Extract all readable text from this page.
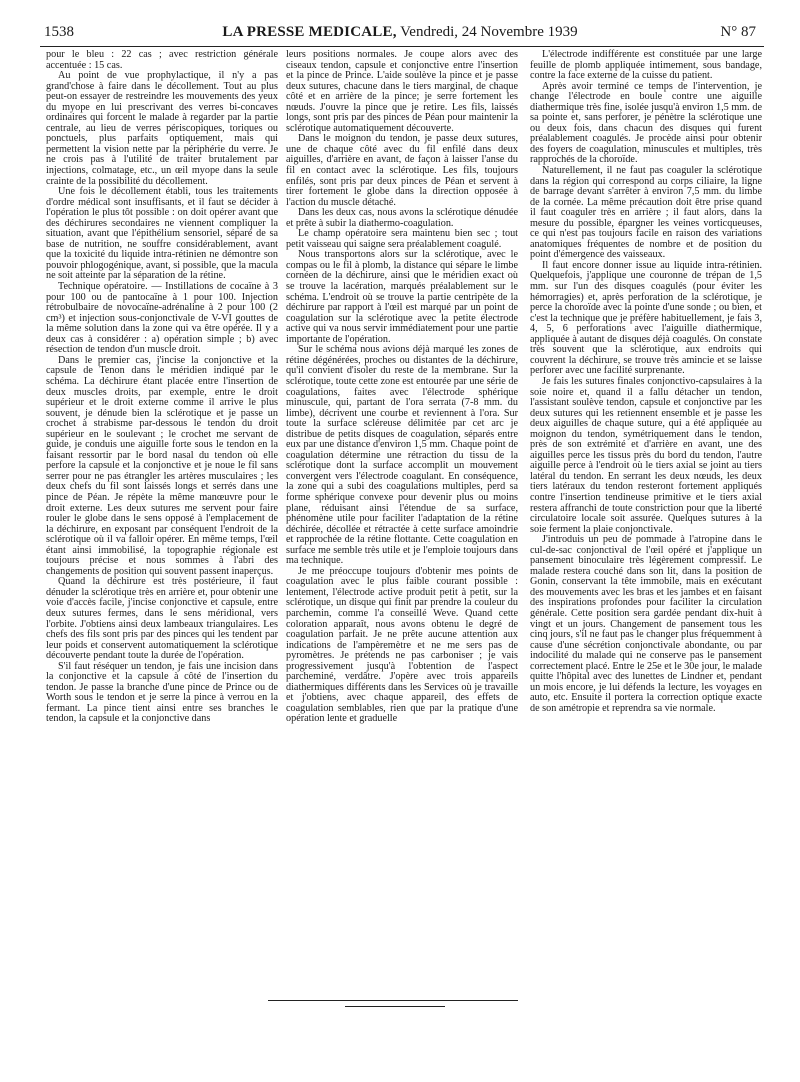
1538	LA PRESSE MEDICALE, Vendredi, 24 Novembre 1939	N° 87

pour le bleu : 22 cas ; avec restriction générale accentuée : 15 cas.

Au point de vue prophylactique, il n'y a pas grand'chose à faire dans le décollement. Tout au plus peut-on essayer de restreindre les mouvements des yeux du myope en lui prescrivant des verres bi-concaves ordinaires qui forcent le malade à regarder par la partie centrale, au lieu de verres périscopiques, toriques ou ponctuels, plus parfaits optiquement, mais qui permettent la vision nette par la périphérie du verre. Je ne crois pas à l'utilité de traiter brutalement par injections, colmatage, etc., un œil myope dans la seule crainte de la possibilité du décollement.

Une fois le décollement établi, tous les traitements d'ordre médical sont insuffisants, et il faut se décider à l'opération le plus tôt possible : on doit opérer avant que des déchirures secondaires ne viennent compliquer la situation, avant que l'épithélium sensoriel, séparé de sa base de nutrition, ne souffre considérablement, avant que la toxicité du liquide intra-rétinien ne démontre son pouvoir phlogogénique, avant, si possible, que la macula ne soit atteinte par la séparation de la rétine.

Technique opératoire. — Instillations de cocaïne à 3 pour 100 ou de pantocaïne à 1 pour 100. Injection rétrobulbaire de novocaïne-adrénaline à 2 pour 100 (2 cm³) et injection sous-conjonctivale de V-VI gouttes de la même solution dans la zone qui va être opérée. Il y a deux cas à considérer : a) opération simple ; b) avec résection de tendon d'un muscle droit.

Dans le premier cas, j'incise la conjonctive et la capsule de Tenon dans le méridien indiqué par le schéma. La déchirure étant placée entre l'insertion de deux muscles droits, par exemple, entre le droit supérieur et le droit externe comme il arrive le plus souvent, je dénude bien la sclérotique et je passe un crochet à strabisme par-dessous le tendon du droit supérieur en le soulevant ; le crochet me servant de guide, je conduis une aiguille forte sous le tendon en la faisant ressortir par le bord nasal du tendon où elle perfore la capsule et la conjonctive et je noue le fil sans serrer pour ne pas étrangler les artères musculaires ; les deux chefs du fil sont laissés longs et serrés dans une pince de Péan. Je répète la même manœuvre pour le droit externe. Les deux sutures me servent pour faire rouler le globe dans le sens opposé à l'emplacement de la déchirure, en exposant par conséquent l'endroit de la sclérotique où il va falloir opérer. En même temps, l'œil étant ainsi immobilisé, la topographie régionale est toujours précise et nous sommes à l'abri des changements de position qui souvent passent inaperçus.

Quand la déchirure est très postérieure, il faut dénuder la sclérotique très en arrière et, pour obtenir une voie d'accès facile, j'incise conjonctive et capsule, entre deux sutures fermes, dans le sens méridional, vers l'orbite. J'obtiens ainsi deux lambeaux triangulaires. Les chefs des fils sont pris par des pinces qui les tendent par leur poids et conservent automatiquement la sclérotique découverte pendant toute la durée de l'opération.

S'il faut réséquer un tendon, je fais une incision dans la conjonctive et la capsule à côté de l'insertion du tendon. Je passe la branche d'une pince de Prince ou de Worth sous le tendon et je serre la pince à verrou en la fermant. La pince tient ainsi entre ses branches le tendon, la capsule et la conjonctive dans

leurs positions normales. Je coupe alors avec des ciseaux tendon, capsule et conjonctive entre l'insertion et la pince de Prince. L'aide soulève la pince et je passe deux sutures, chacune dans le tiers marginal, de chaque côté et en arrière de la pince; je serre fortement les nœuds. J'ouvre la pince que je retire. Les fils, laissés longs, sont pris par des pinces de Péan pour maintenir la sclérotique automatiquement découverte.

Dans le moignon du tendon, je passe deux sutures, une de chaque côté avec du fil enfilé dans deux aiguilles, d'arrière en avant, de façon à laisser l'anse du fil en contact avec la sclérotique. Les fils, toujours enfilés, sont pris par deux pinces de Péan et servent à tirer fortement le globe dans la direction opposée à l'action du muscle détaché.

Dans les deux cas, nous avons la sclérotique dénudée et prête à subir la diathermo-coagulation.

Le champ opératoire sera maintenu bien sec ; tout petit vaisseau qui saigne sera préalablement coagulé.

Nous transportons alors sur la sclérotique, avec le compas ou le fil à plomb, la distance qui sépare le limbe cornéen de la déchirure, ainsi que le méridien exact où se trouve la lacération, marqués préalablement sur le schéma. L'endroit où se trouve la partie centripète de la déchirure par rapport à l'œil est marqué par un point de coagulation sur la sclérotique avec la petite électrode active qui va nous servir immédiatement pour une partie importante de l'opération.

Sur le schéma nous avions déjà marqué les zones de rétine dégénérées, proches ou distantes de la déchirure, qu'il convient d'isoler du reste de la membrane. Sur la sclérotique, toute cette zone est entourée par une série de coagulations, faites avec l'électrode sphérique minuscule, qui, partant de l'ora serrata (7-8 mm. du limbe), décrivent une courbe et reviennent à l'ora. Sur toute la surface scléreuse délimitée par cet arc je distribue de petits disques de coagulation, séparés entre eux par une distance d'environ 1,5 mm. Chaque point de coagulation détermine une rétraction du tissu de la sclérotique dont la surface accomplit un mouvement convergent vers l'électrode coagulant. En conséquence, la zone qui a subi des coagulations multiples, perd sa forme sphérique convexe pour devenir plus ou moins plane, réduisant ainsi l'étendue de sa surface, phénomène utile pour faciliter l'adaptation de la rétine déchirée, décollée et rétractée à cette surface amoindrie et rapprochée de la rétine flottante. Cette coagulation en surface me semble très utile et je l'emploie toujours dans ma technique.

Je me préoccupe toujours d'obtenir mes points de coagulation avec le plus faible courant possible : lentement, l'électrode active produit petit à petit, sur la sclérotique, un disque qui finit par prendre la couleur du parchemin, comme l'a conseillé Weve. Quand cette coloration apparaît, nous avons obtenu le degré de coagulation parfait. Je ne prête aucune attention aux indications de l'ampèremètre et ne me sers pas de pyromètres. Je prétends ne pas carboniser ; je vais progressivement jusqu'à l'obtention de l'aspect parcheminé, verdâtre. J'opère avec trois appareils diathermiques différents dans les Services où je travaille et j'obtiens, avec chaque appareil, des effets de coagulation semblables, rien que par la pratique d'une opération lente et graduelle

L'électrode indifférente est constituée par une large feuille de plomb appliquée intimement, sous bandage, contre la face externe de la cuisse du patient.

Après avoir terminé ce temps de l'intervention, je change l'électrode en boule contre une aiguille diathermique très fine, isolée jusqu'à environ 1,5 mm. de sa pointe et, sans perforer, je pénètre la sclérotique une ou deux fois, dans chacun des disques qui furent préalablement coagulés. Je procède ainsi pour obtenir des foyers de coagulation, minuscules et multiples, très rapprochés de la choroïde.

Naturellement, il ne faut pas coaguler la sclérotique dans la région qui correspond au corps ciliaire, la ligne de barrage devant s'arrêter à environ 7,5 mm. du limbe de la cornée. La même précaution doit être prise quand il faut coaguler très en arrière ; il faut alors, dans la mesure du possible, épargner les veines vorticqueuses, ce qui n'est pas toujours facile en raison des variations anatomiques fréquentes de nombre et de position du point d'émergence des vaisseaux.

Il faut encore donner issue au liquide intra-rétinien. Quelquefois, j'applique une couronne de trépan de 1,5 mm. sur l'un des disques coagulés (pour éviter les hémorragies) et, après perforation de la sclérotique, je perce la choroïde avec la pointe d'une sonde ; ou bien, et c'est la technique que je préfère habituellement, je fais 3, 4, 5, 6 perforations avec l'aiguille diathermique, appliquée à autant de disques déjà coagulés. On constate très souvent que la sclérotique, aux endroits qui couvrent la déchirure, se trouve très amincie et se laisse perforer avec une facilité surprenante.

Je fais les sutures finales conjonctivo-capsulaires à la soie noire et, quand il a fallu détacher un tendon, l'assistant soulève tendon, capsule et conjonctive par les deux sutures qui les retiennent ensemble et je passe les deux aiguilles de chaque suture, qui a été appliquée au moignon du tendon, symétriquement dans le tendon, près de son extrémité et d'arrière en avant, une des aiguilles perce les tissus près du bord du tendon, l'autre aiguille perce à l'endroit où le tiers axial se joint au tiers latéral du tendon. En serrant les deux nœuds, les deux tiers latéraux du tendon resteront fortement appliqués contre l'insertion tendineuse primitive et le tiers axial restera affranchi de toute constriction pour que la liberté circulatoire locale soit assurée. Quelques sutures à la soie ferment la plaie conjonctivale.

J'introduis un peu de pommade à l'atropine dans le cul-de-sac conjonctival de l'œil opéré et j'applique un pansement binoculaire très légèrement compressif. Le malade restera couché dans son lit, dans la position de Gonin, conservant la tête immobile, mais en exécutant des mouvements avec les bras et les jambes et en faisant des inspirations profondes pour faciliter la circulation générale. Cette position sera gardée pendant dix-huit à vingt et un jours. Changement de pansement tous les cinq jours, s'il ne faut pas le changer plus fréquemment à cause d'une sécrétion conjonctivale abondante, ou par indocilité du malade qui ne conserve pas le pansement correctement placé. Entre le 25e et le 30e jour, le malade quitte l'hôpital avec des lunettes de Lindner et, pendant un mois encore, je lui défends la lecture, les voyages en auto, etc. Ensuite il portera la correction optique exacte de son amétropie et reprendra sa vie normale.
